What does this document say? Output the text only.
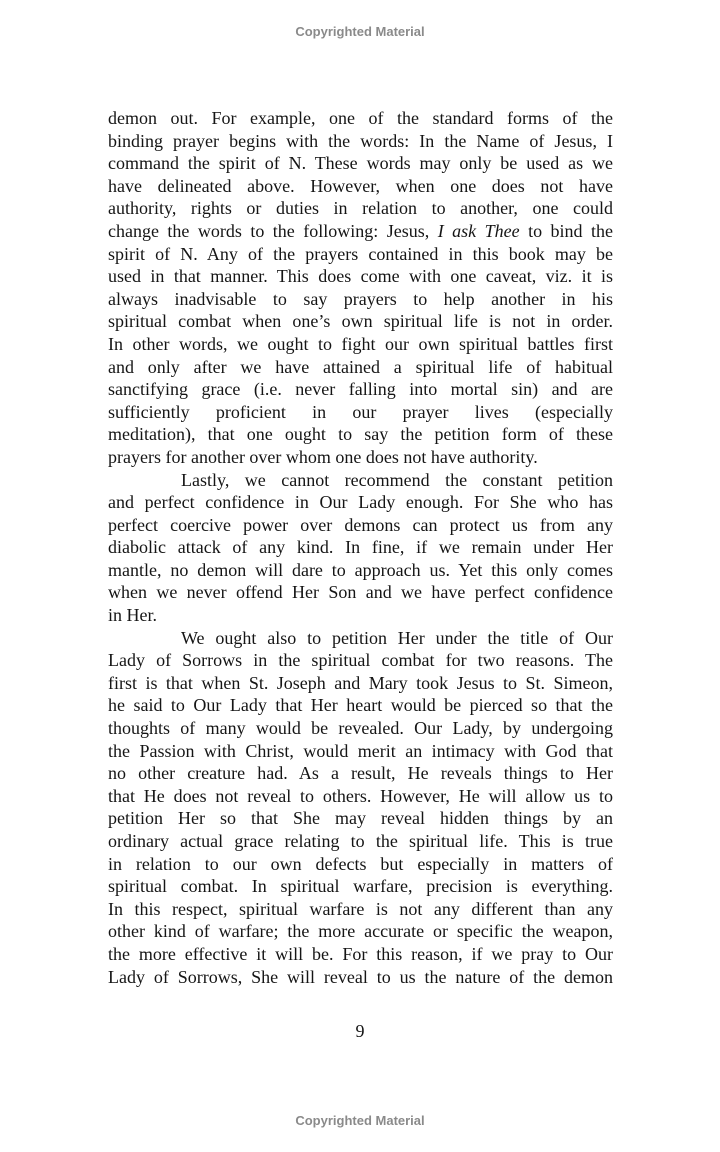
Copyrighted Material
demon out. For example, one of the standard forms of the
binding prayer begins with the words: In the Name of Jesus, I
command the spirit of N. These words may only be used as we
have delineated above. However, when one does not have
authority, rights or duties in relation to another, one could
change the words to the following: Jesus, I ask Thee to bind the
spirit of N. Any of the prayers contained in this book may be
used in that manner. This does come with one caveat, viz. it is
always inadvisable to say prayers to help another in his
spiritual combat when one’s own spiritual life is not in order.
In other words, we ought to fight our own spiritual battles first
and only after we have attained a spiritual life of habitual
sanctifying grace (i.e. never falling into mortal sin) and are
sufficiently proficient in our prayer lives (especially
meditation), that one ought to say the petition form of these
prayers for another over whom one does not have authority.
Lastly, we cannot recommend the constant petition
and perfect confidence in Our Lady enough. For She who has
perfect coercive power over demons can protect us from any
diabolic attack of any kind. In fine, if we remain under Her
mantle, no demon will dare to approach us. Yet this only comes
when we never offend Her Son and we have perfect confidence
in Her.
We ought also to petition Her under the title of Our
Lady of Sorrows in the spiritual combat for two reasons. The
first is that when St. Joseph and Mary took Jesus to St. Simeon,
he said to Our Lady that Her heart would be pierced so that the
thoughts of many would be revealed. Our Lady, by undergoing
the Passion with Christ, would merit an intimacy with God that
no other creature had. As a result, He reveals things to Her
that He does not reveal to others. However, He will allow us to
petition Her so that She may reveal hidden things by an
ordinary actual grace relating to the spiritual life. This is true
in relation to our own defects but especially in matters of
spiritual combat. In spiritual warfare, precision is everything.
In this respect, spiritual warfare is not any different than any
other kind of warfare; the more accurate or specific the weapon,
the more effective it will be. For this reason, if we pray to Our
Lady of Sorrows, She will reveal to us the nature of the demon
9
Copyrighted Material
